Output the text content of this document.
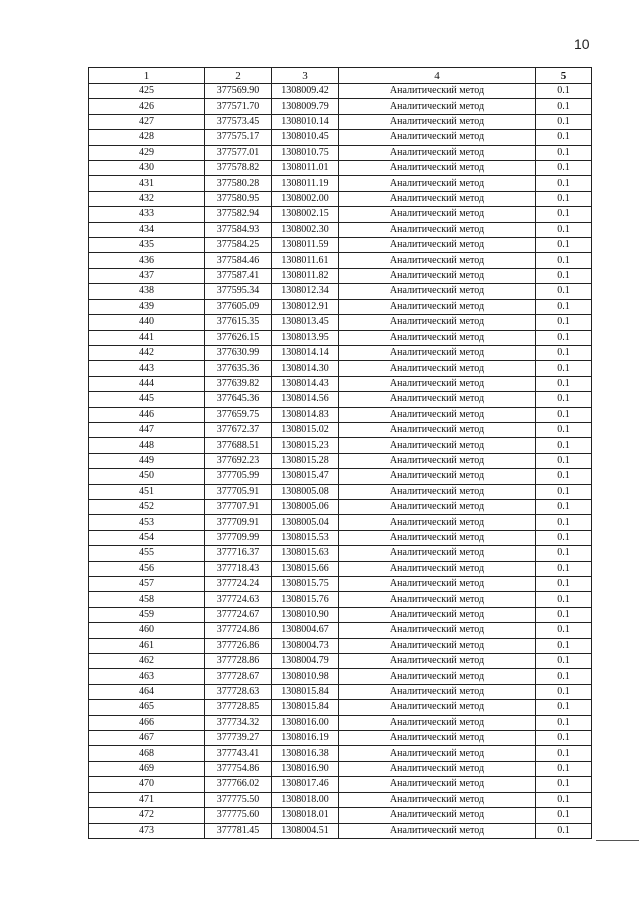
10
1	2	3	4	5
425	377569.90	1308009.42	Аналитический метод	0.1
426	377571.70	1308009.79	Аналитический метод	0.1
427	377573.45	1308010.14	Аналитический метод	0.1
428	377575.17	1308010.45	Аналитический метод	0.1
429	377577.01	1308010.75	Аналитический метод	0.1
430	377578.82	1308011.01	Аналитический метод	0.1
431	377580.28	1308011.19	Аналитический метод	0.1
432	377580.95	1308002.00	Аналитический метод	0.1
433	377582.94	1308002.15	Аналитический метод	0.1
434	377584.93	1308002.30	Аналитический метод	0.1
435	377584.25	1308011.59	Аналитический метод	0.1
436	377584.46	1308011.61	Аналитический метод	0.1
437	377587.41	1308011.82	Аналитический метод	0.1
438	377595.34	1308012.34	Аналитический метод	0.1
439	377605.09	1308012.91	Аналитический метод	0.1
440	377615.35	1308013.45	Аналитический метод	0.1
441	377626.15	1308013.95	Аналитический метод	0.1
442	377630.99	1308014.14	Аналитический метод	0.1
443	377635.36	1308014.30	Аналитический метод	0.1
444	377639.82	1308014.43	Аналитический метод	0.1
445	377645.36	1308014.56	Аналитический метод	0.1
446	377659.75	1308014.83	Аналитический метод	0.1
447	377672.37	1308015.02	Аналитический метод	0.1
448	377688.51	1308015.23	Аналитический метод	0.1
449	377692.23	1308015.28	Аналитический метод	0.1
450	377705.99	1308015.47	Аналитический метод	0.1
451	377705.91	1308005.08	Аналитический метод	0.1
452	377707.91	1308005.06	Аналитический метод	0.1
453	377709.91	1308005.04	Аналитический метод	0.1
454	377709.99	1308015.53	Аналитический метод	0.1
455	377716.37	1308015.63	Аналитический метод	0.1
456	377718.43	1308015.66	Аналитический метод	0.1
457	377724.24	1308015.75	Аналитический метод	0.1
458	377724.63	1308015.76	Аналитический метод	0.1
459	377724.67	1308010.90	Аналитический метод	0.1
460	377724.86	1308004.67	Аналитический метод	0.1
461	377726.86	1308004.73	Аналитический метод	0.1
462	377728.86	1308004.79	Аналитический метод	0.1
463	377728.67	1308010.98	Аналитический метод	0.1
464	377728.63	1308015.84	Аналитический метод	0.1
465	377728.85	1308015.84	Аналитический метод	0.1
466	377734.32	1308016.00	Аналитический метод	0.1
467	377739.27	1308016.19	Аналитический метод	0.1
468	377743.41	1308016.38	Аналитический метод	0.1
469	377754.86	1308016.90	Аналитический метод	0.1
470	377766.02	1308017.46	Аналитический метод	0.1
471	377775.50	1308018.00	Аналитический метод	0.1
472	377775.60	1308018.01	Аналитический метод	0.1
473	377781.45	1308004.51	Аналитический метод	0.1
